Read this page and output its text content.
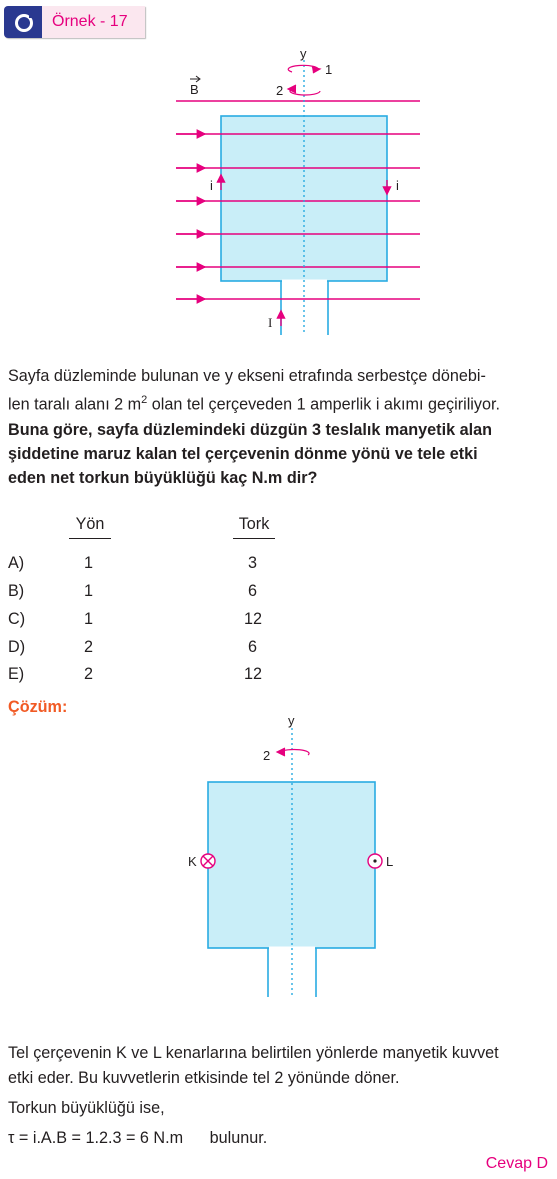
Örnek - 17
y
1
2
B
i	i
I
Sayfa düzleminde bulunan ve y ekseni etrafında serbestçe dönebi-
len taralı alanı 2 $m^2$ olan tel çerçeveden 1 amperlik i akımı geçiriliyor.
Buna göre, sayfa düzlemindeki düzgün 3 teslalık manyetik alan
şiddetine maruz kalan tel çerçevenin dönme yönü ve tele etki
eden net torkun büyüklüğü kaç N.m dir?
Yön	Tork
A)	1	3
B)	1	6
C)	1	12
D)	2	6
E)	2	12
Çözüm:
y
2
K	L
Tel çerçevenin K ve L kenarlarına belirtilen yönlerde manyetik kuvvet
etki eder. Bu kuvvetlerin etkisinde tel 2 yönünde döner.
Torkun büyüklüğü ise,
τ = i.A.B = 1.2.3 = 6 N.m bulunur.
Cevap D
